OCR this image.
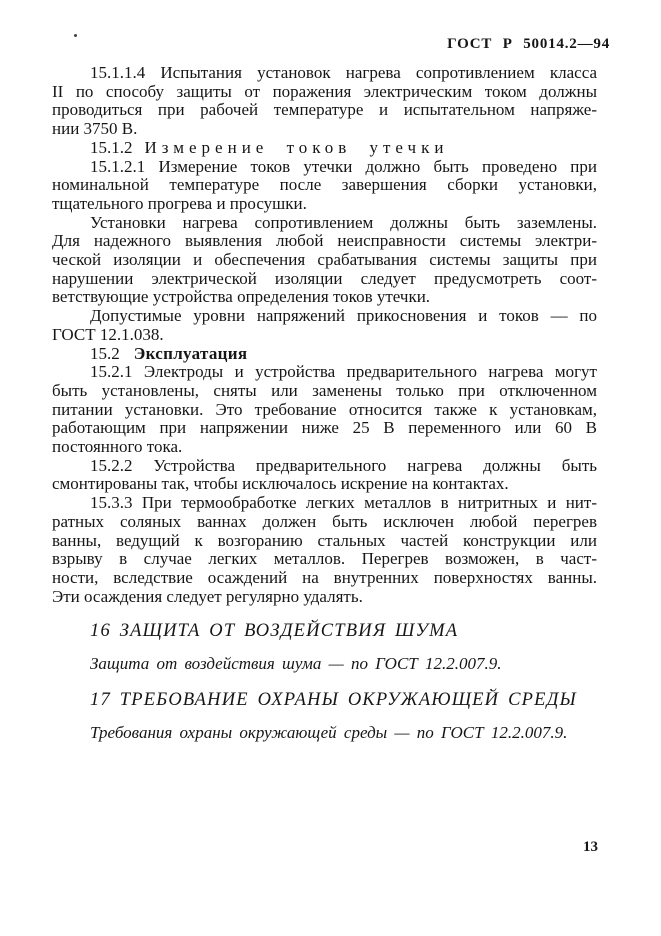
ГОСТ Р 50014.2—94
15.1.1.4 Испытания установок нагрева сопротивлением класса
II по способу защиты от поражения электрическим током должны
проводиться при рабочей температуре и испытательном напряже-
нии 3750 В.
15.1.2 Измерение токов утечки
15.1.2.1 Измерение токов утечки должно быть проведено при
номинальной температуре после завершения сборки установки,
тщательного прогрева и просушки.
Установки нагрева сопротивлением должны быть заземлены.
Для надежного выявления любой неисправности системы электри-
ческой изоляции и обеспечения срабатывания системы защиты при
нарушении электрической изоляции следует предусмотреть соот-
ветствующие устройства определения токов утечки.
Допустимые уровни напряжений прикосновения и токов — по
ГОСТ 12.1.038.
15.2 Эксплуатация
15.2.1 Электроды и устройства предварительного нагрева могут
быть установлены, сняты или заменены только при отключенном
питании установки. Это требование относится также к установкам,
работающим при напряжении ниже 25 В переменного или 60 В
постоянного тока.
15.2.2 Устройства предварительного нагрева должны быть
смонтированы так, чтобы исключалось искрение на контактах.
15.3.3 При термообработке легких металлов в нитритных и нит-
ратных соляных ваннах должен быть исключен любой перегрев
ванны, ведущий к возгоранию стальных частей конструкции или
взрыву в случае легких металлов. Перегрев возможен, в част-
ности, вследствие осаждений на внутренних поверхностях ванны.
Эти осаждения следует регулярно удалять.
16 ЗАЩИТА ОТ ВОЗДЕЙСТВИЯ ШУМА
Защита от воздействия шума — по ГОСТ 12.2.007.9.
17 ТРЕБОВАНИЕ ОХРАНЫ ОКРУЖАЮЩЕЙ СРЕДЫ
Требования охраны окружающей среды — по ГОСТ 12.2.007.9.
13
